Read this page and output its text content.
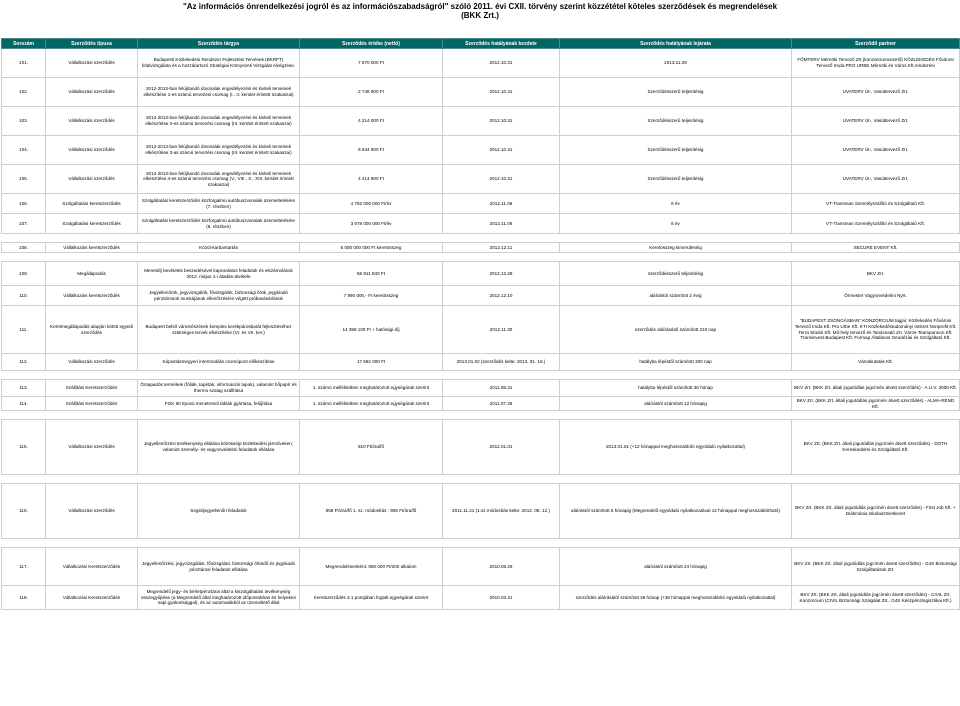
"Az információs önrendelkezési jogról és az információszabadságról" szóló 2011. évi CXII. törvény szerint közzététel köteles szerződések és megrendelések
(BKK Zrt.)
Sorszám	Szerződés típusa	Szerződés tárgya	Szerződés értéke (nettó)	Szerződés hatályának kezdete	Szerződés hatályának lejárata	Szerződő partner
101.	Vállalkozási szerződés	Budapesti Közlekedési Rendszer Fejlesztési Tervének (BKRFT) felülvizsgálata és a hozzátartozó Stratégiai Környezeti Vizsgálat elvégzése.	7 670 000 Ft	2012.10.31	2013.11.29	FŐMTERV Mérnöki Tervező Zrt.(konzorciumvezető) KÖZLEKEDÉS Fővárosi Tervező Iroda PRO URBE Mérnöki és Város Kft.rendezési
102.	Vállalkozási szerződés	2012-2013-ban felújítandó útvonalak engedélyezési és kiviteli terveinek elkészítése 1-es számú tervezési csomag (I., II. kerület érintett szakaszai)	2 748 900 Ft	2012.10.31	Szerződésszerű teljesítésig	UVATERV Út-, Vasúttervező Zrt.
103.	Vállalkozási szerződés	2012-2013-ban felújítandó útvonalak engedélyezési és kiviteli terveinek elkészítése 2-es számú tervezési csomag (III. kerület érintett szakaszai)	4 214 000 Ft	2012.10.31	Szerződésszerű teljesítésig	UVATERV Út-, Vasúttervező Zrt.
104.	Vállalkozási szerződés	2012-2013-ban felújítandó útvonalak engedélyezési és kiviteli terveinek elkészítése 3-as számú tervezési csomag (III. kerület érintett szakaszai)	6 634 600 Ft	2012.10.31	Szerződésszerű teljesítésig	UVATERV Út-, Vasúttervező Zrt.
105.	Vállalkozási szerződés	2012-2013-ban felújítandó útvonalak engedélyezési és kiviteli terveinek elkészítése 4-es számú tervezési csomag (V., VIII., X., XIII. kerület érintett szakaszai)	4 414 900 Ft	2012.10.31	Szerződésszerű teljesítésig	UVATERV Út-, Vasúttervező Zrt.
106.	Szolgáltatási keretszerződés	Szolgáltatási keretszerződés közforgalmú autóbuszvonalak üzemeltetésére (7. részben)	4 782 000 000 Ft/év	2012.11.06	8 év	VT-Transman Személyszállító és Szolgáltató Kft.
107.	Szolgáltatási keretszerződés	Szolgáltatási keretszerződés közforgalmú autóbuszvonalak üzemeltetésére (8. részben)	3 978 000 000 Ft/év	2012.11.06	8 év	VT-Transman Személyszállító és Szolgáltató Kft.

108.	Vállalkozási keretszerződés	Közút-karbantartás	5 000 000 000 Ft keretösszeg	2012.12.11	Keretösszeg kimerüléséig	SECURE EVENT Kft.

109.	Megállapodás	Menetdíj bevételek beszedésével kapcsolatos feladatok és elszámolások 2012. május 1-i átadás-átvétele	58 911 840 Ft	2012.12.28	szerződésszerű teljesítésig	BKV Zrt.
110.	Vállalkozási keretszerződés	Jegyellenőrök, jegyvizsgálók, fővizsgálók, biztonsági őrök, jegykiadó pénztárosok munkájának ellenőrzésére végett próbavásárlások	7 990 000,- Ft keretösszeg	2012.12.10	aláírástól számított 2 évig	Őrmester Vagyonvédelmi Nyrt.
111.	Keretmegállapodás alapján kötött egyedi szerződés	Budapest belső városrészének komplex kerékpárosbarát fejlesztéséhez szükséges tervek elkészítése (VI. és VII. ker.)	14 398 100 Ft + hatósági díj	2012.11.30	szerződés aláírásától számított 210 nap	"BUDAPEST ZSONGÁSBAN" KONZORCIUM tagjai: Közlekedés Fővárosi Tervező Iroda Kft. Pro Urbe Kft. KTI Közlekedéstudományi Intézet Nonprofit Kft. Terra Stúdió Kft. Mű-hely tervező és Tanácsadó Zrt. Város-Teampannon Kft. Transinvest-Budapest Kft. Formap Általános Geodéziai és Szolgáltató Kft.
112.	Vállalkozási szerződés	Kápostásmegyeri intermodális csomópont előkészítése	17 662 000 Ft	2013.01.02 (szerződés kelte: 2013. 01. 16.)	hatályba lépéstől számított 300 nap	Városkutatás Kft.

113.	Szállítási Keretszerződés	Öntapadós termékek (fóliák, tapéták, információs lapok), valamint hőpapír és thermo szalag szállítása	1. számú mellékletben meghatározott egységárak szerint	2011.08.31	hatályba lépéstől számított 36 hónap	BKV Zrt. (BKK Zrt. általi jogutódlás jogcímén átvett szerződés) - A.U.V. 2000 Kft.
114.	Szállítási Keretszerződés	FGK 80 típusú menetrendi táblák gyártása, felújítása	1. számú mellékletben meghatározott egységárak szerint	2011.07.26	aláírástól számított 12 hónapig	BKV Zrt. (BKK Zrt. általi jogutódlás jogcímén átvett szerződés) - ALMA-REND Kft.

115.	Vállalkozási szerződés	Jegyellenőrzési tevékenység ellátása közösségi közlekedési járműveken, valamint személy- és vagyonvédelmi feladatok ellátása	910 Ft/óra/fő	2012.01.01	2013.01.01 (+12 hónappal meghosszabbító egyoldalú nyilatkozattal)	BKV Zrt. (BKK Zrt. általi jogutódlás jogcímén átvett szerződés) - DOTH Kereskedelmi és Szolgáltató Kft.

116.	Vállalkozási szerződés	Segédjegyellenőri feladatok	858 Ft/óra/fő 1. sz. módosítás : 965 Ft/óra/fő	2011.11.21 (1.sz.módosítás kelte: 2012. 08. 12.)	aláírástól számított 5 hónapig (Megrendelő egyoldalú nyilatkozatával 12 hónappal meghosszabbítható)	BKV Zrt. (BKK Zrt. általi jogutódlás jogcímén átvett szerződés) - First Job Kft. + Diákmánia Iskolaszövetkezet

117.	Vállalkozási Keretszerződés	Jegyellenőrzési, jegyvizsgálási, fővizsgálati, biztonsági őrködő és jegykiadó pénztárosi feladatok ellátása	Megrendelésenként: 960 000 Ft/200 alkalom	2010.06.29	aláírástól számított 24 hónapig	BKV Zrt. (BKK Zrt. általi jogutódlás jogcímén átvett szerződés) - G4S Biztonsági Szolgáltatások Zrt.
118.	Vállalkozási Keretszerződés	Megrendelő jegy- és bérletpénztárai által a kiszolgáltatási tevékenység összegyűjtése (a Megrendelő által meghatározott időpontokban és helyeken napi gyakorisággal), és az automatákból az üzemeltető által	Keretszerződés 3.1 pontjában foglalt egységárak szerint	2010.03.31	szerződés aláírásától számított 36 hónap (+36 hónappal meghosszabbító egyoldalú nyilatkozattal)	BKV Zrt. (BKK Zrt. általi jogutódlás jogcímén átvett szerződés) - CIVIL Zrt. Konzorcium (CIVIL Biztonsági Szolgálat Zrt., G4S Készpénzlogisztikai Kft.)
